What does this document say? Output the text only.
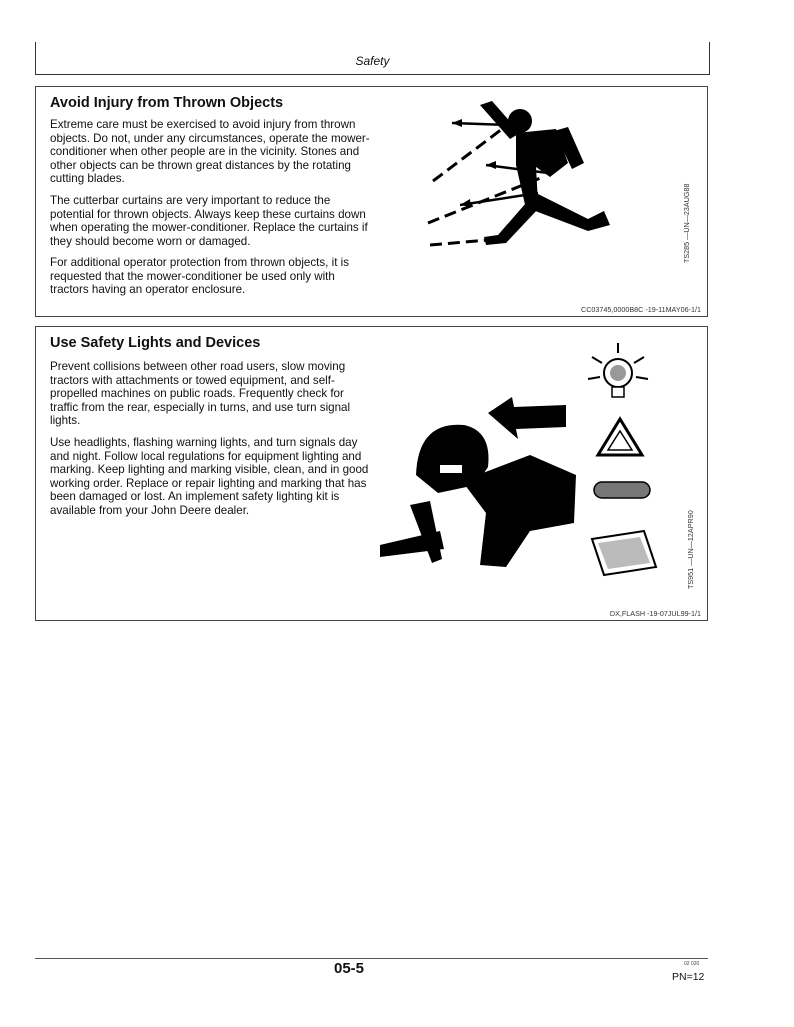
Safety
Avoid Injury from Thrown Objects

Extreme care must be exercised to avoid injury from thrown objects. Do not, under any circumstances, operate the mower-conditioner when other people are in the vicinity. Stones and other objects can be thrown great distances by the rotating cutting blades.

The cutterbar curtains are very important to reduce the potential for thrown objects. Always keep these curtains down when operating the mower-conditioner. Replace the curtains if they should become worn or damaged.

For additional operator protection from thrown objects, it is requested that the mower-conditioner be used only with tractors having an operator enclosure.

TS285 —UN—23AUG88
CC03745,0000B8C -19-11MAY06-1/1
Use Safety Lights and Devices

Prevent collisions between other road users, slow moving tractors with attachments or towed equipment, and self-propelled machines on public roads. Frequently check for traffic from the rear, especially in turns, and use turn signal lights.

Use headlights, flashing warning lights, and turn signals day and night. Follow local regulations for equipment lighting and marking. Keep lighting and marking visible, clean, and in good working order. Replace or repair lighting and marking that has been damaged or lost. An implement safety lighting kit is available from your John Deere dealer.	TS951 —UN—12APR90
DX,FLASH -19-07JUL99-1/1
05-5	02 020
PN=12
